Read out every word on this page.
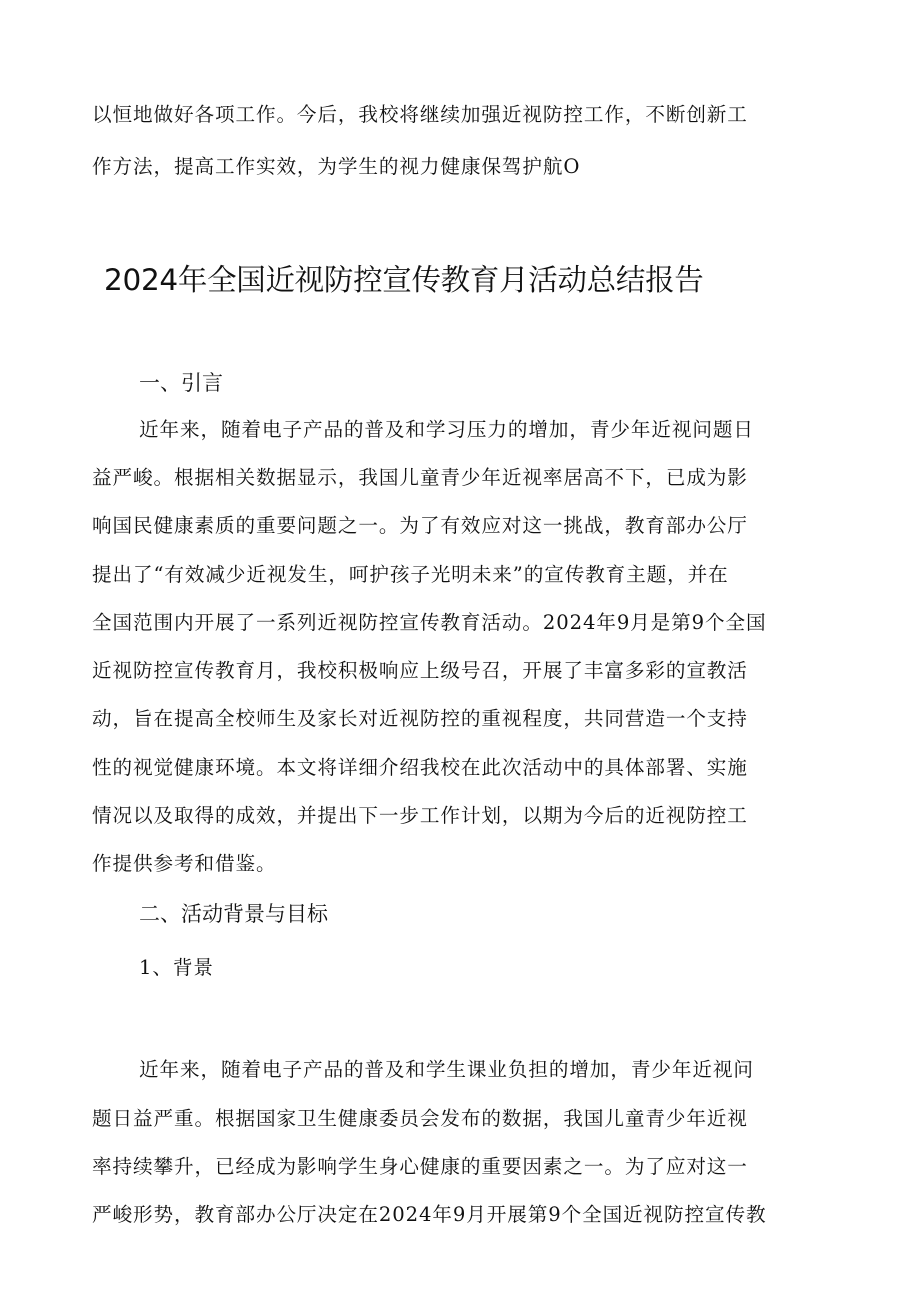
以恒地做好各项工作。今后，我校将继续加强近视防控工作，不断创新工
作方法，提高工作实效，为学生的视力健康保驾护航O
2024年全国近视防控宣传教育月活动总结报告
一、引言
近年来，随着电子产品的普及和学习压力的增加，青少年近视问题日
益严峻。根据相关数据显示，我国儿童青少年近视率居高不下，已成为影
响国民健康素质的重要问题之一。为了有效应对这一挑战，教育部办公厅
提出了“有效减少近视发生，呵护孩子光明未来”的宣传教育主题，并在
全国范围内开展了一系列近视防控宣传教育活动。2024年9月是第9个全国
近视防控宣传教育月，我校积极响应上级号召，开展了丰富多彩的宣教活
动，旨在提高全校师生及家长对近视防控的重视程度，共同营造一个支持
性的视觉健康环境。本文将详细介绍我校在此次活动中的具体部署、实施
情况以及取得的成效，并提出下一步工作计划，以期为今后的近视防控工
作提供参考和借鉴。
二、活动背景与目标
1、背景
近年来，随着电子产品的普及和学生课业负担的增加，青少年近视问
题日益严重。根据国家卫生健康委员会发布的数据，我国儿童青少年近视
率持续攀升，已经成为影响学生身心健康的重要因素之一。为了应对这一
严峻形势，教育部办公厅决定在2024年9月开展第9个全国近视防控宣传教
